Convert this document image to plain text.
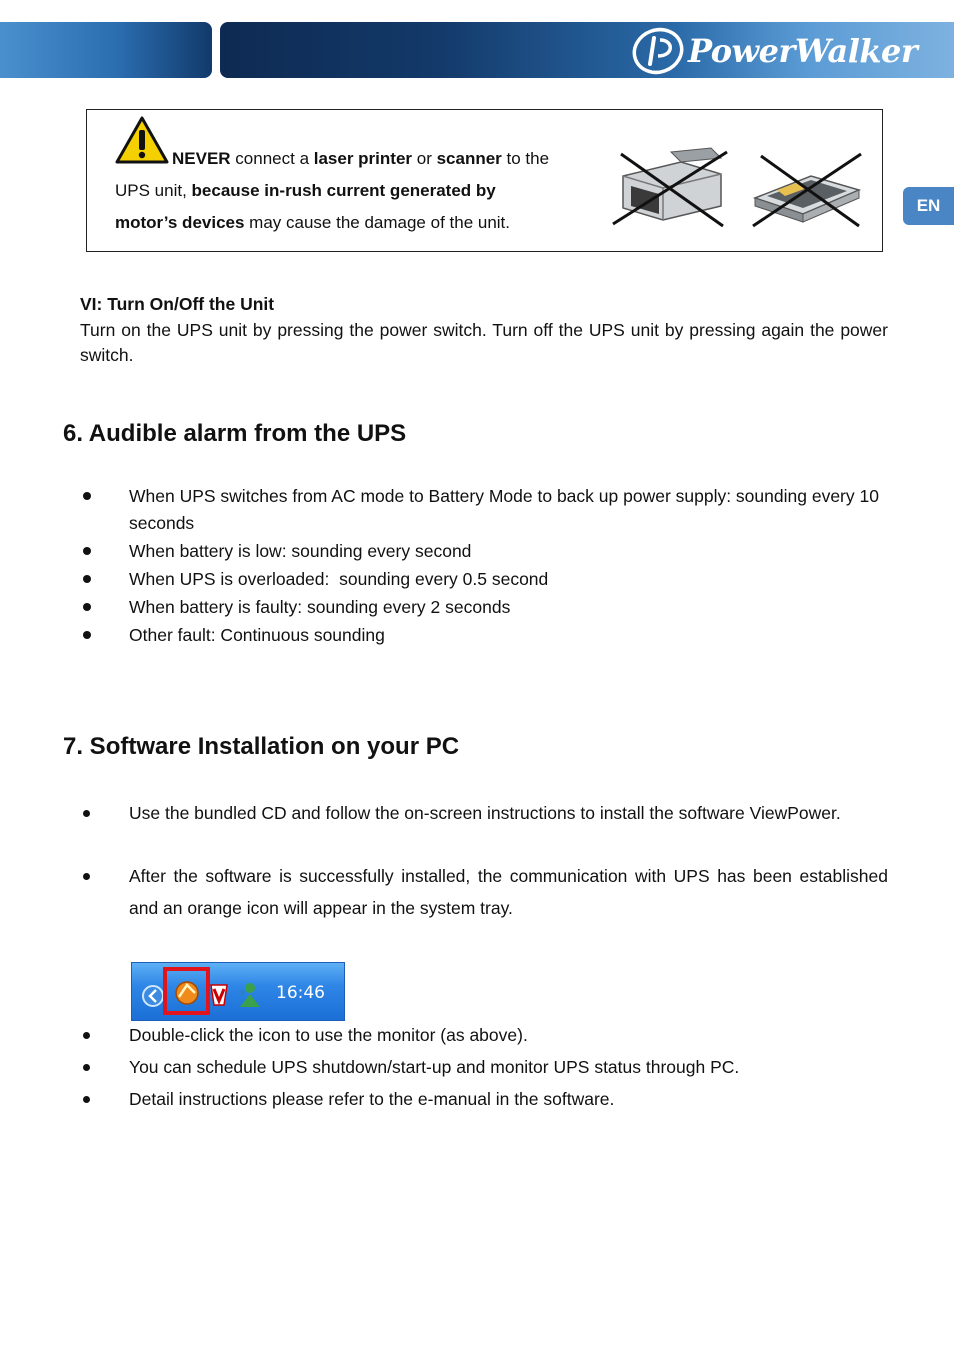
PowerWalker
EN
NEVER connect a laser printer or scanner to the
UPS unit, because in-rush current generated by
motor’s devices may cause the damage of the unit.
VI: Turn On/Off the Unit
Turn on the UPS unit by pressing the power switch. Turn off the UPS unit by pressing again the power switch.
6. Audible alarm from the UPS
When UPS switches from AC mode to Battery Mode to back up power supply: sounding every 10 seconds
When battery is low: sounding every second
When UPS is overloaded:  sounding every 0.5 second
When battery is faulty: sounding every 2 seconds
Other fault: Continuous sounding
7. Software Installation on your PC
Use the bundled CD and follow the on-screen instructions to install the software ViewPower.
After the software is successfully installed, the communication with UPS has been established and an orange icon will appear in the system tray.
16:46
Double-click the icon to use the monitor (as above).
You can schedule UPS shutdown/start-up and monitor UPS status through PC.
Detail instructions please refer to the e-manual in the software.
